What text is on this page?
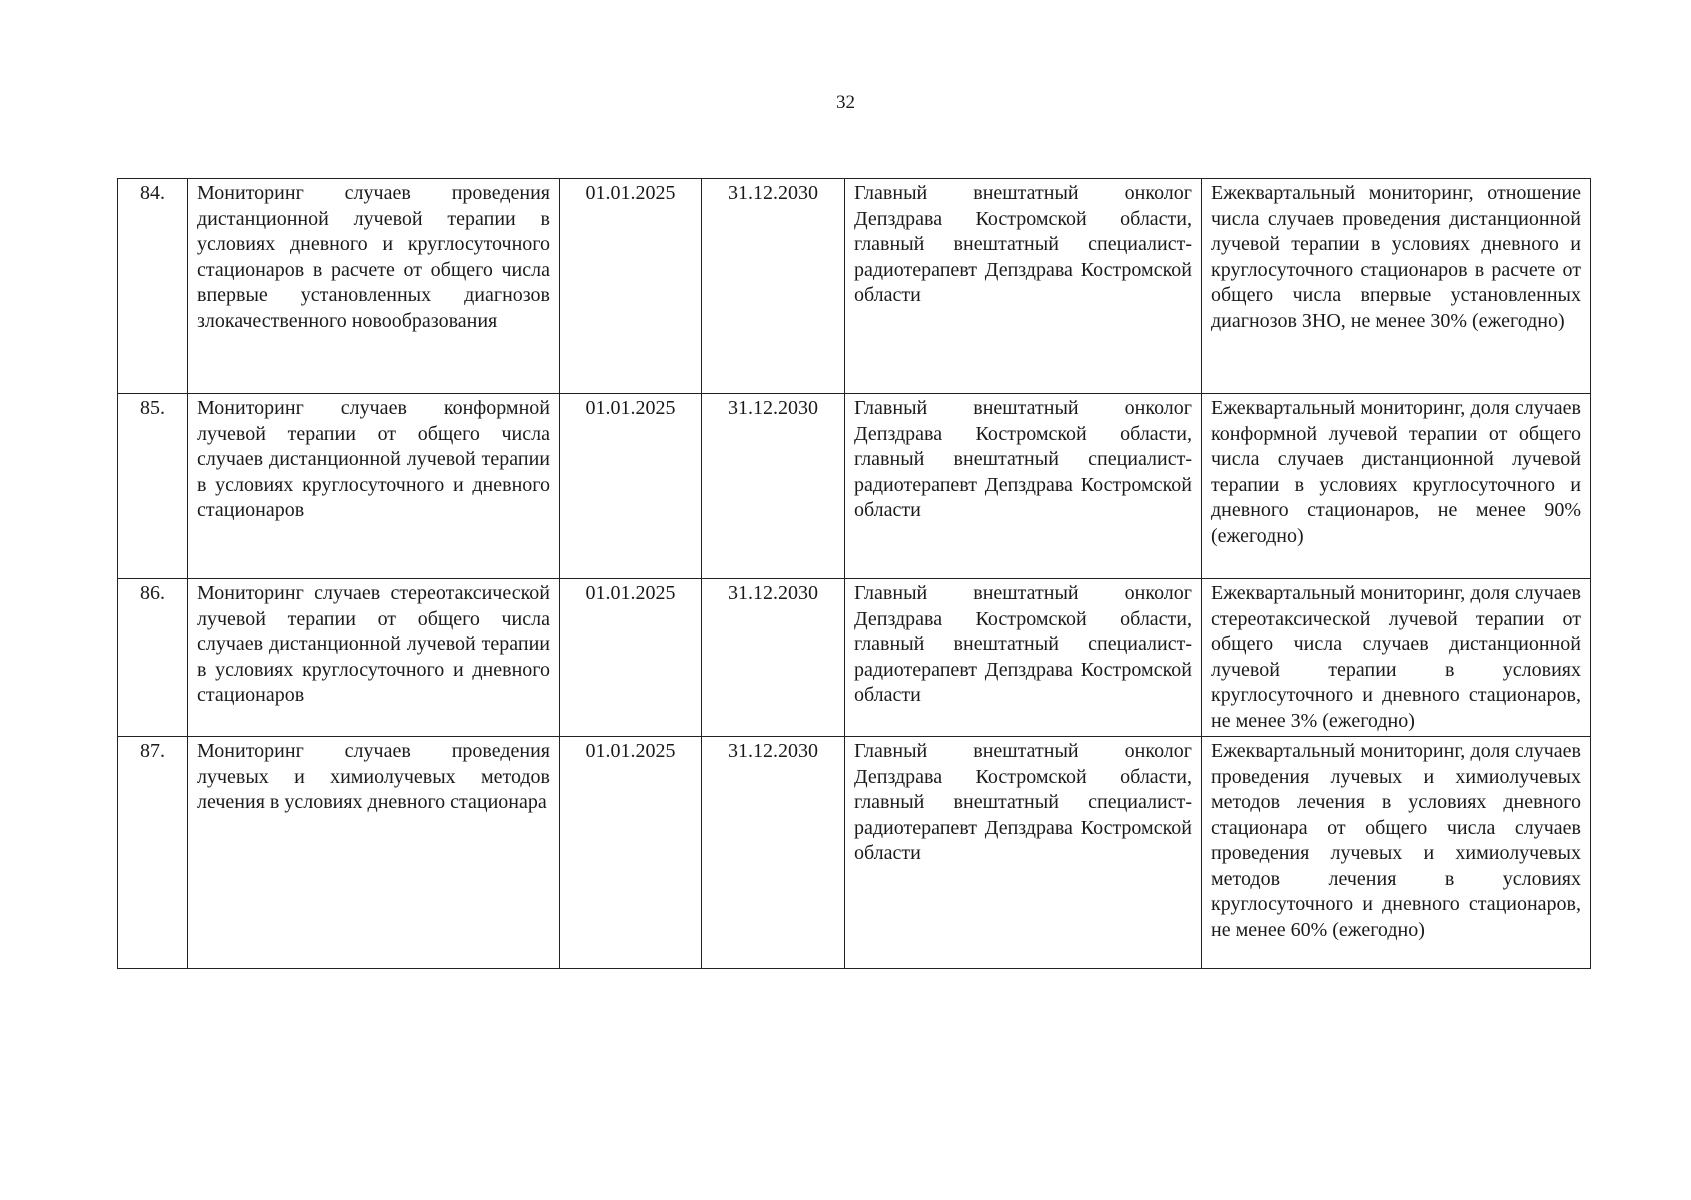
32
84.	Мониторинг случаев проведения дистанционной лучевой терапии в условиях дневного и круглосуточного стационаров в расчете от общего числа впервые установленных диагнозов злокачественного новообразования	01.01.2025	31.12.2030	Главный внештатный онколог Депздрава Костромской области, главный внештатный специалист-радиотерапевт Депздрава Костромской области	Ежеквартальный мониторинг, отношение числа случаев проведения дистанционной лучевой терапии в условиях дневного и круглосуточного стационаров в расчете от общего числа впервые установленных диагнозов ЗНО, не менее 30% (ежегодно)
85.	Мониторинг случаев конформной лучевой терапии от общего числа случаев дистанционной лучевой терапии в условиях круглосуточного и дневного стационаров	01.01.2025	31.12.2030	Главный внештатный онколог Депздрава Костромской области, главный внештатный специалист-радиотерапевт Депздрава Костромской области	Ежеквартальный мониторинг, доля случаев конформной лучевой терапии от общего числа случаев дистанционной лучевой терапии в условиях круглосуточного и дневного стационаров, не менее 90% (ежегодно)
86.	Мониторинг случаев стереотаксической лучевой терапии от общего числа случаев дистанционной лучевой терапии в условиях круглосуточного и дневного стационаров	01.01.2025	31.12.2030	Главный внештатный онколог Депздрава Костромской области, главный внештатный специалист-радиотерапевт Депздрава Костромской области	Ежеквартальный мониторинг, доля случаев стереотаксической лучевой терапии от общего числа случаев дистанционной лучевой терапии в условиях круглосуточного и дневного стационаров, не менее 3% (ежегодно)
87.	Мониторинг случаев проведения лучевых и химиолучевых методов лечения в условиях дневного стационара	01.01.2025	31.12.2030	Главный внештатный онколог Депздрава Костромской области, главный внештатный специалист-радиотерапевт Депздрава Костромской области	Ежеквартальный мониторинг, доля случаев проведения лучевых и химиолучевых методов лечения в условиях дневного стационара от общего числа случаев проведения лучевых и химиолучевых методов лечения в условиях круглосуточного и дневного стационаров, не менее 60% (ежегодно)
